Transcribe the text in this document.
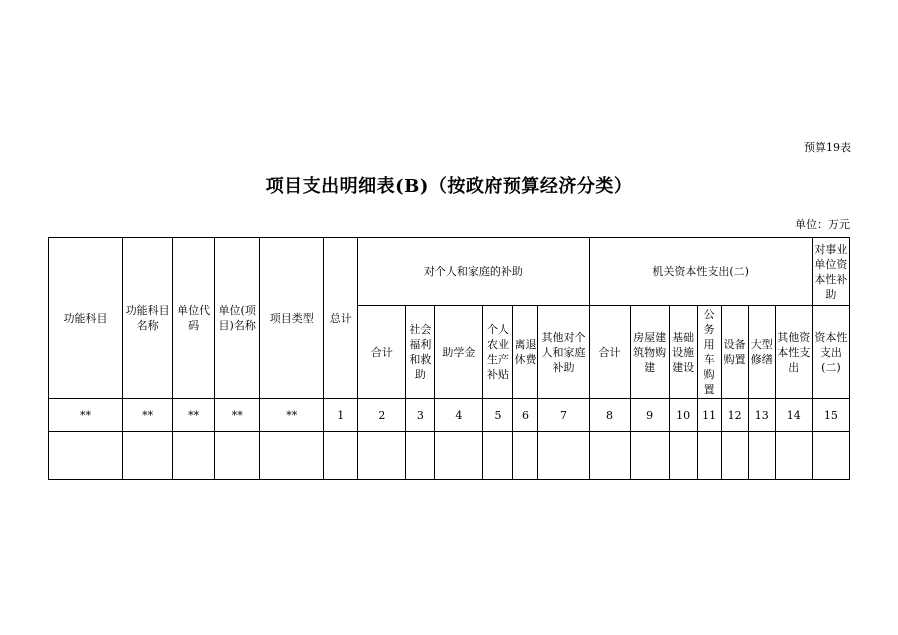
预算19表
项目支出明细表(B)（按政府预算经济分类）
单位：万元
功能科目	功能科目名称	单位代码	单位(项目)名称	项目类型	总计	对个人和家庭的补助						机关资本性支出(二)							对事业单位资本性补助
						合计	社会福利和救助	助学金	个人农业生产补贴	离退休费	其他对个人和家庭补助	合计	房屋建筑物购建	基础设施建设	公务用车购置	设备购置	大型修缮	其他资本性支出	资本性支出(二)
**	**	**	**	**	1	2	3	4	5	6	7	8	9	10	11	12	13	14	15
